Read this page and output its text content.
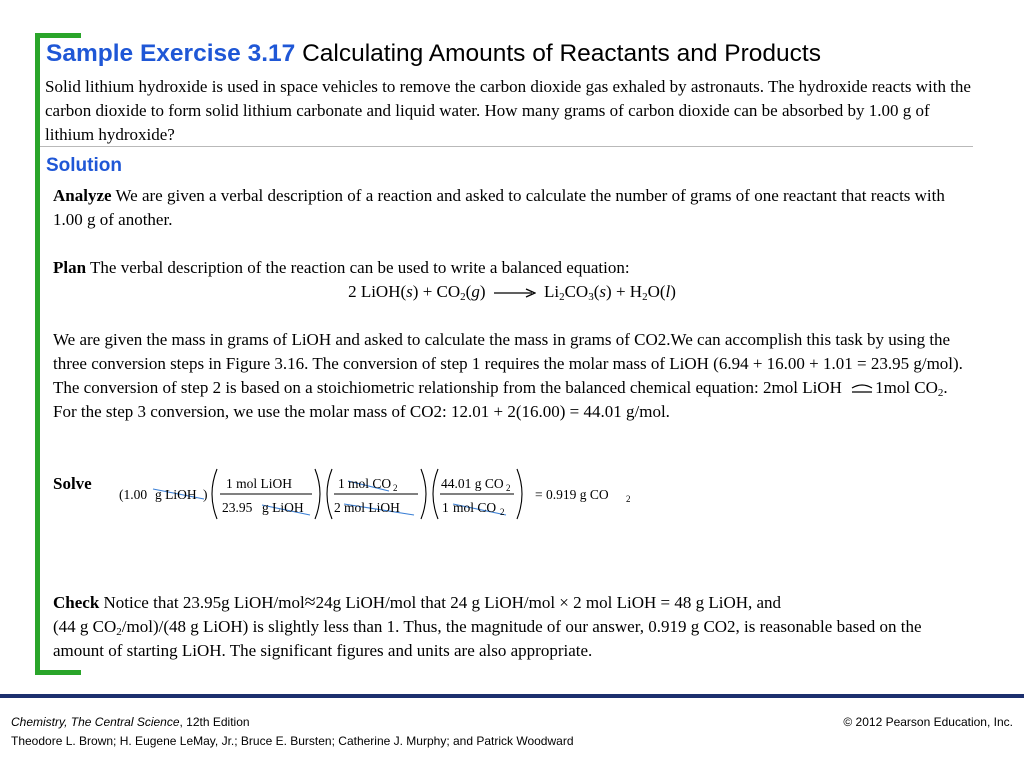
Sample Exercise 3.17 Calculating Amounts of Reactants and Products
Solid lithium hydroxide is used in space vehicles to remove the carbon dioxide gas exhaled by astronauts. The hydroxide reacts with the carbon dioxide to form solid lithium carbonate and liquid water. How many grams of carbon dioxide can be absorbed by 1.00 g of lithium hydroxide?
Solution
Analyze We are given a verbal description of a reaction and asked to calculate the number of grams of one reactant that reacts with 1.00 g of another.
Plan The verbal description of the reaction can be used to write a balanced equation:
2 LiOH(s) + $CO_2(g) \to Li_2CO_3(s) + H_2O(l)$
We are given the mass in grams of LiOH and asked to calculate the mass in grams of CO2.We can accomplish this task by using the three conversion steps in Figure 3.16. The conversion of step 1 requires the molar mass of LiOH (6.94 + 16.00 + 1.01 = 23.95 g/mol). The conversion of step 2 is based on a stoichiometric relationship from the balanced chemical equation: 2mol LiOH 1mol $CO_2$. For the step 3 conversion, we use the molar mass of CO2: 12.01 + 2(16.00) = 44.01 g/mol.
Solve
(1.00 g LiOH )
1 mol LiOH
23.95 g LiOH
1 mol CO 2
2 mol LiOH
44.01 g CO 2
1 mol CO 2
= 0.919 g CO 2
Check Notice that 23.95g LiOH/mol≈24g LiOH/mol that 24 g LiOH/mol × 2 mol LiOH = 48 g LiOH, and
(44 g $CO_2/mol)/(48$ g LiOH) is slightly less than 1. Thus, the magnitude of our answer, 0.919 g CO2, is reasonable based on the amount of starting LiOH. The significant figures and units are also appropriate.
Chemistry, The Central Science, 12th Edition
Theodore L. Brown; H. Eugene LeMay, Jr.; Bruce E. Bursten; Catherine J. Murphy; and Patrick Woodward
© 2012 Pearson Education, Inc.
